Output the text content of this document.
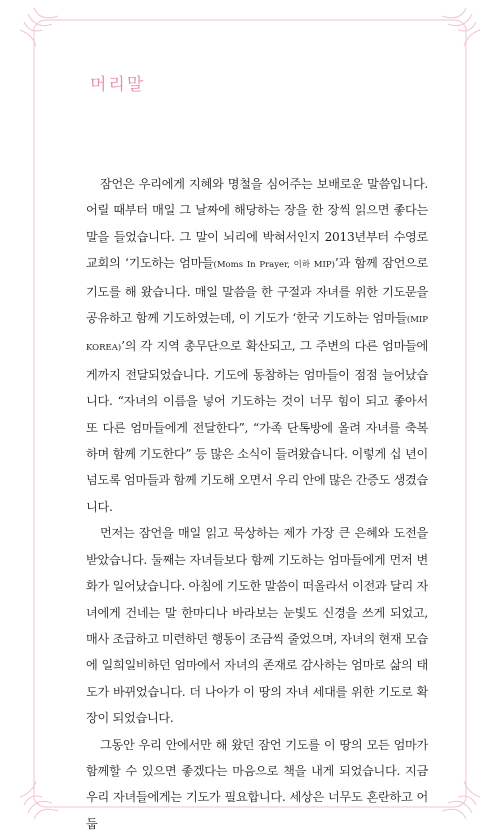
머리말

잠언은 우리에게 지혜와 명철을 심어주는 보배로운 말씀입니다. 어릴 때부터 매일 그 날짜에 해당하는 장을 한 장씩 읽으면 좋다는 말을 들었습니다. 그 말이 뇌리에 박혀서인지 2013년부터 수영로교회의 ‘기도하는 엄마들(Moms In Prayer, 이하 MIP)’과 함께 잠언으로 기도를 해 왔습니다. 매일 말씀을 한 구절과 자녀를 위한 기도문을 공유하고 함께 기도하였는데, 이 기도가 ‘한국 기도하는 엄마들(MIP KOREA)’의 각 지역 총무단으로 확산되고, 그 주변의 다른 엄마들에게까지 전달되었습니다. 기도에 동참하는 엄마들이 점점 늘어났습니다. “자녀의 이름을 넣어 기도하는 것이 너무 힘이 되고 좋아서 또 다른 엄마들에게 전달한다”, “가족 단톡방에 올려 자녀를 축복하며 함께 기도한다” 등 많은 소식이 들려왔습니다. 이렇게 십 년이 넘도록 엄마들과 함께 기도해 오면서 우리 안에 많은 간증도 생겼습니다.

먼저는 잠언을 매일 읽고 묵상하는 제가 가장 큰 은혜와 도전을 받았습니다. 둘째는 자녀들보다 함께 기도하는 엄마들에게 먼저 변화가 일어났습니다. 아침에 기도한 말씀이 떠올라서 이전과 달리 자녀에게 건네는 말 한마디나 바라보는 눈빛도 신경을 쓰게 되었고, 매사 조급하고 미련하던 행동이 조금씩 줄었으며, 자녀의 현재 모습에 일희일비하던 엄마에서 자녀의 존재로 감사하는 엄마로 삶의 태도가 바뀌었습니다. 더 나아가 이 땅의 자녀 세대를 위한 기도로 확장이 되었습니다.

그동안 우리 안에서만 해 왔던 잠언 기도를 이 땅의 모든 엄마가 함께할 수 있으면 좋겠다는 마음으로 책을 내게 되었습니다. 지금 우리 자녀들에게는 기도가 필요합니다. 세상은 너무도 혼란하고 어둡
